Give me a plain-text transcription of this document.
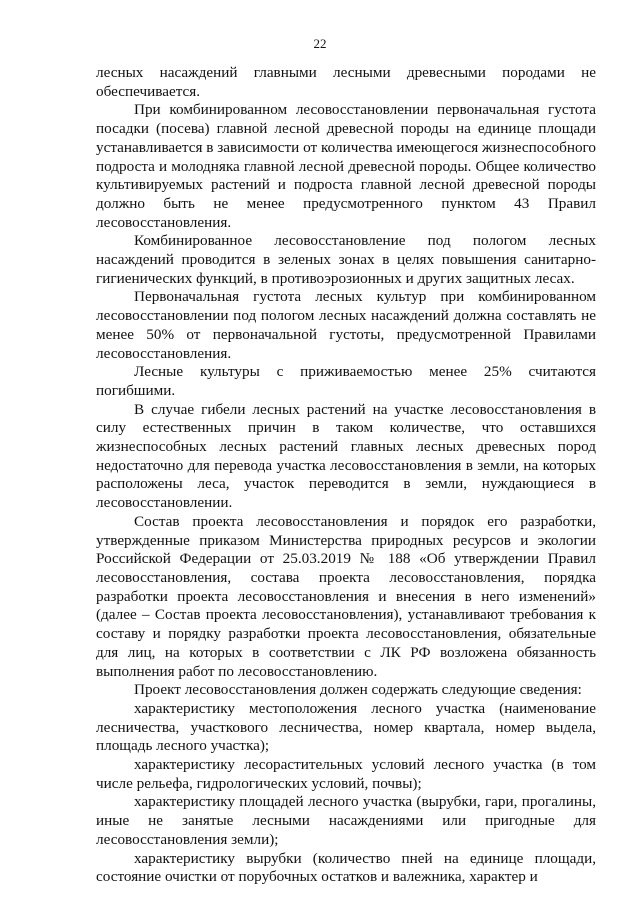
22

лесных насаждений главными лесными древесными породами не обеспечивается.

При комбинированном лесовосстановлении первоначальная густота посадки (посева) главной лесной древесной породы на единице площади устанавливается в зависимости от количества имеющегося жизнеспособного подроста и молодняка главной лесной древесной породы. Общее количество культивируемых растений и подроста главной лесной древесной породы должно быть не менее предусмотренного пунктом 43 Правил лесовосстановления.

Комбинированное лесовосстановление под пологом лесных насаждений проводится в зеленых зонах в целях повышения санитарно-гигиенических функций, в противоэрозионных и других защитных лесах.

Первоначальная густота лесных культур при комбинированном лесовосстановлении под пологом лесных насаждений должна составлять не менее 50% от первоначальной густоты, предусмотренной Правилами лесовосстановления.

Лесные культуры с приживаемостью менее 25% считаются погибшими.

В случае гибели лесных растений на участке лесовосстановления в силу естественных причин в таком количестве, что оставшихся жизнеспособных лесных растений главных лесных древесных пород недостаточно для перевода участка лесовосстановления в земли, на которых расположены леса, участок переводится в земли, нуждающиеся в лесовосстановлении.

Состав проекта лесовосстановления и порядок его разработки, утвержденные приказом Министерства природных ресурсов и экологии Российской Федерации от 25.03.2019 № 188 «Об утверждении Правил лесовосстановления, состава проекта лесовосстановления, порядка разработки проекта лесовосстановления и внесения в него изменений» (далее – Состав проекта лесовосстановления), устанавливают требования к составу и порядку разработки проекта лесовосстановления, обязательные для лиц, на которых в соответствии с ЛК РФ возложена обязанность выполнения работ по лесовосстановлению.

Проект лесовосстановления должен содержать следующие сведения:

характеристику местоположения лесного участка (наименование лесничества, участкового лесничества, номер квартала, номер выдела, площадь лесного участка);

характеристику лесорастительных условий лесного участка (в том числе рельефа, гидрологических условий, почвы);

характеристику площадей лесного участка (вырубки, гари, прогалины, иные не занятые лесными насаждениями или пригодные для лесовосстановления земли);

характеристику вырубки (количество пней на единице площади, состояние очистки от порубочных остатков и валежника, характер и
